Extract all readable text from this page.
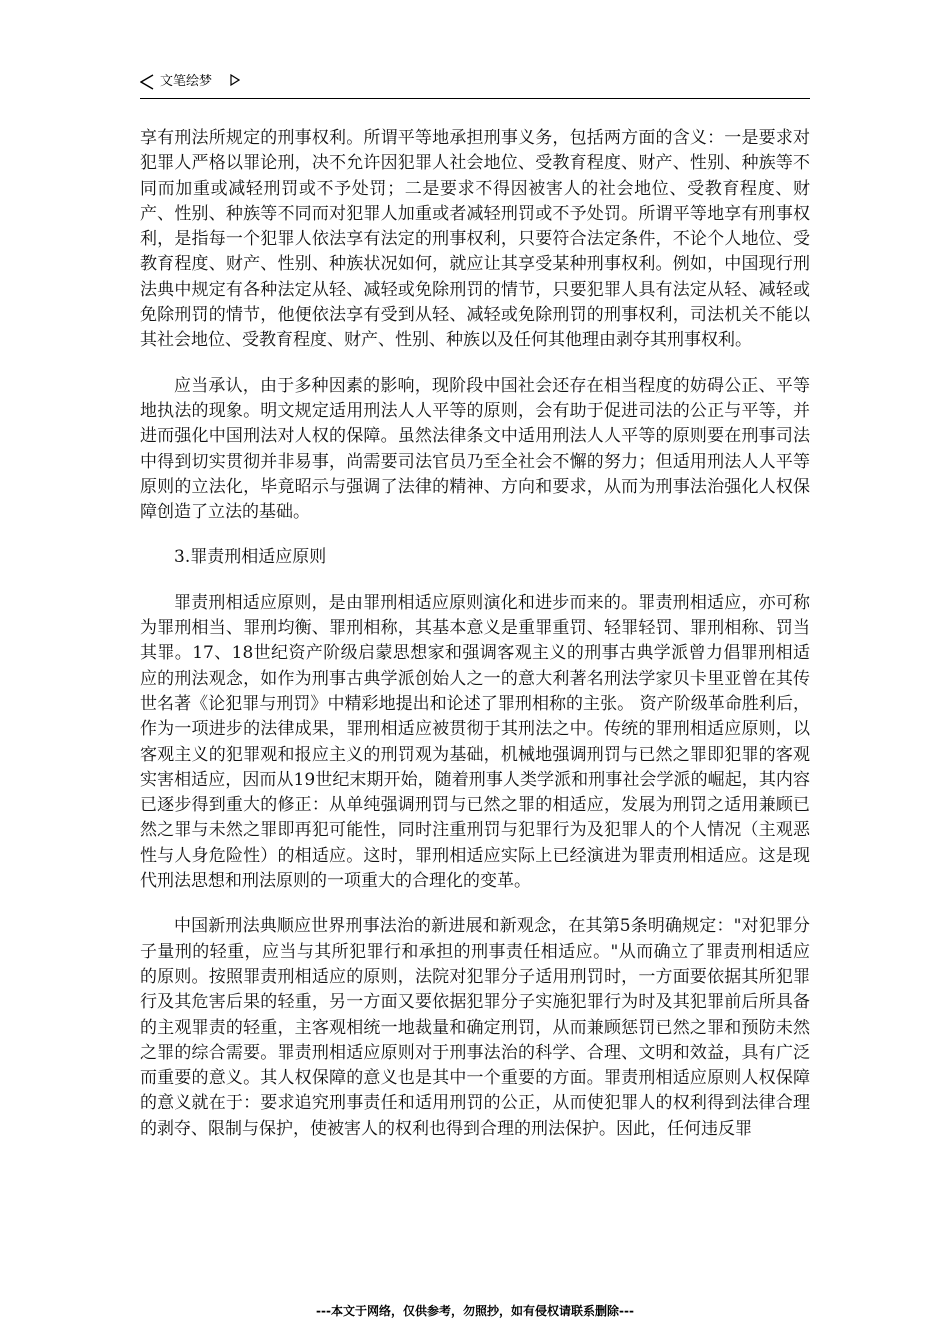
文笔绘梦

享有刑法所规定的刑事权利。所谓平等地承担刑事义务，包括两方面的含义：一是要求对犯罪人严格以罪论刑，决不允许因犯罪人社会地位、受教育程度、财产、性别、种族等不同而加重或减轻刑罚或不予处罚；二是要求不得因被害人的社会地位、受教育程度、财产、性别、种族等不同而对犯罪人加重或者减轻刑罚或不予处罚。所谓平等地享有刑事权利，是指每一个犯罪人依法享有法定的刑事权利，只要符合法定条件，不论个人地位、受教育程度、财产、性别、种族状况如何，就应让其享受某种刑事权利。例如，中国现行刑法典中规定有各种法定从轻、减轻或免除刑罚的情节，只要犯罪人具有法定从轻、减轻或免除刑罚的情节，他便依法享有受到从轻、减轻或免除刑罚的刑事权利，司法机关不能以其社会地位、受教育程度、财产、性别、种族以及任何其他理由剥夺其刑事权利。

应当承认，由于多种因素的影响，现阶段中国社会还存在相当程度的妨碍公正、平等地执法的现象。明文规定适用刑法人人平等的原则，会有助于促进司法的公正与平等，并进而强化中国刑法对人权的保障。虽然法律条文中适用刑法人人平等的原则要在刑事司法中得到切实贯彻并非易事，尚需要司法官员乃至全社会不懈的努力；但适用刑法人人平等原则的立法化，毕竟昭示与强调了法律的精神、方向和要求，从而为刑事法治强化人权保障创造了立法的基础。

3.罪责刑相适应原则

罪责刑相适应原则，是由罪刑相适应原则演化和进步而来的。罪责刑相适应，亦可称为罪刑相当、罪刑均衡、罪刑相称，其基本意义是重罪重罚、轻罪轻罚、罪刑相称、罚当其罪。17、18世纪资产阶级启蒙思想家和强调客观主义的刑事古典学派曾力倡罪刑相适应的刑法观念，如作为刑事古典学派创始人之一的意大利著名刑法学家贝卡里亚曾在其传世名著《论犯罪与刑罚》中精彩地提出和论述了罪刑相称的主张。 资产阶级革命胜利后，作为一项进步的法律成果，罪刑相适应被贯彻于其刑法之中。传统的罪刑相适应原则，以客观主义的犯罪观和报应主义的刑罚观为基础，机械地强调刑罚与已然之罪即犯罪的客观实害相适应，因而从19世纪末期开始，随着刑事人类学派和刑事社会学派的崛起，其内容已逐步得到重大的修正：从单纯强调刑罚与已然之罪的相适应，发展为刑罚之适用兼顾已然之罪与未然之罪即再犯可能性，同时注重刑罚与犯罪行为及犯罪人的个人情况（主观恶性与人身危险性）的相适应。这时，罪刑相适应实际上已经演进为罪责刑相适应。这是现代刑法思想和刑法原则的一项重大的合理化的变革。

中国新刑法典顺应世界刑事法治的新进展和新观念，在其第5条明确规定："对犯罪分子量刑的轻重，应当与其所犯罪行和承担的刑事责任相适应。"从而确立了罪责刑相适应的原则。按照罪责刑相适应的原则，法院对犯罪分子适用刑罚时，一方面要依据其所犯罪行及其危害后果的轻重，另一方面又要依据犯罪分子实施犯罪行为时及其犯罪前后所具备的主观罪责的轻重，主客观相统一地裁量和确定刑罚，从而兼顾惩罚已然之罪和预防未然之罪的综合需要。罪责刑相适应原则对于刑事法治的科学、合理、文明和效益，具有广泛而重要的意义。其人权保障的意义也是其中一个重要的方面。罪责刑相适应原则人权保障的意义就在于：要求追究刑事责任和适用刑罚的公正，从而使犯罪人的权利得到法律合理的剥夺、限制与保护，使被害人的权利也得到合理的刑法保护。因此，任何违反罪

---本文于网络，仅供参考，勿照抄，如有侵权请联系删除---
